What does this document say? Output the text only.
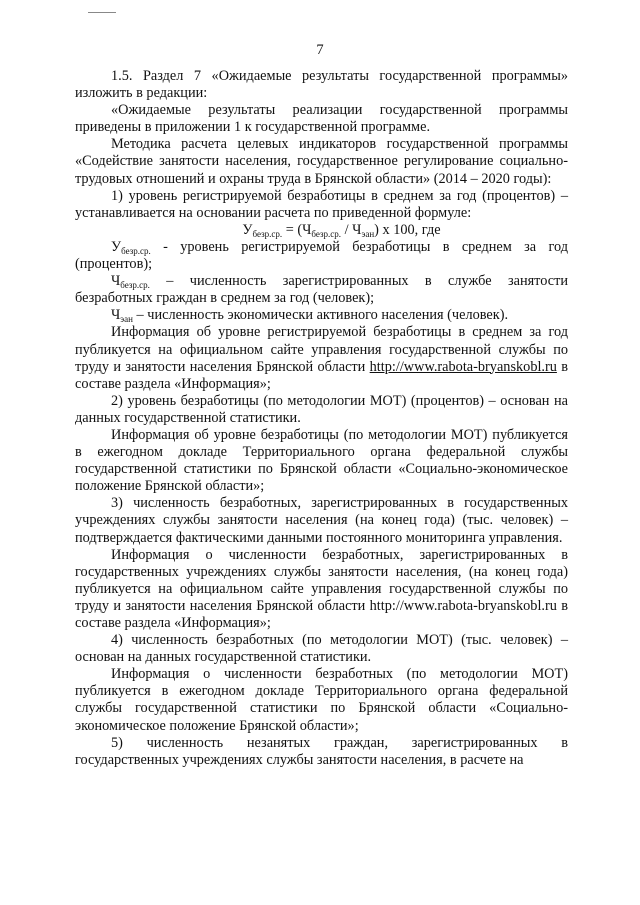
7

1.5. Раздел 7 «Ожидаемые результаты государственной программы» изложить в редакции:

«Ожидаемые результаты реализации государственной программы приведены в приложении 1 к государственной программе.

Методика расчета целевых индикаторов государственной программы «Содействие занятости населения, государственное регулирование социально-трудовых отношений и охраны труда в Брянской области» (2014 – 2020 годы):

1) уровень регистрируемой безработицы в среднем за год (процентов) – устанавливается на основании расчета по приведенной формуле:

$У_{безр.ср.} = (Ч_{безр.ср.} / Ч_{эан})$ х 100, где

$У_{безр.ср.}$ - уровень регистрируемой безработицы в среднем за год (процентов);

$Ч_{безр.ср.}$ – численность зарегистрированных в службе занятости безработных граждан в среднем за год (человек);

$Ч_{эан}$ – численность экономически активного населения (человек).

Информация об уровне регистрируемой безработицы в среднем за год публикуется на официальном сайте управления государственной службы по труду и занятости населения Брянской области http://www.rabota-bryanskobl.ru в составе раздела «Информация»;

2) уровень безработицы (по методологии МОТ) (процентов) – основан на данных государственной статистики.

Информация об уровне безработицы (по методологии МОТ) публикуется в ежегодном докладе Территориального органа федеральной службы государственной статистики по Брянской области «Социально-экономическое положение Брянской области»;

3) численность безработных, зарегистрированных в государственных учреждениях службы занятости населения (на конец года) (тыс. человек) – подтверждается фактическими данными постоянного мониторинга управления.

Информация о численности безработных, зарегистрированных в государственных учреждениях службы занятости населения, (на конец года) публикуется на официальном сайте управления государственной службы по труду и занятости населения Брянской области http://www.rabota-bryanskobl.ru в составе раздела «Информация»;

4) численность безработных (по методологии МОТ) (тыс. человек) – основан на данных государственной статистики.

Информация о численности безработных (по методологии МОТ) публикуется в ежегодном докладе Территориального органа федеральной службы государственной статистики по Брянской области «Социально-экономическое положение Брянской области»;

5) численность незанятых граждан, зарегистрированных в государственных учреждениях службы занятости населения, в расчете на
